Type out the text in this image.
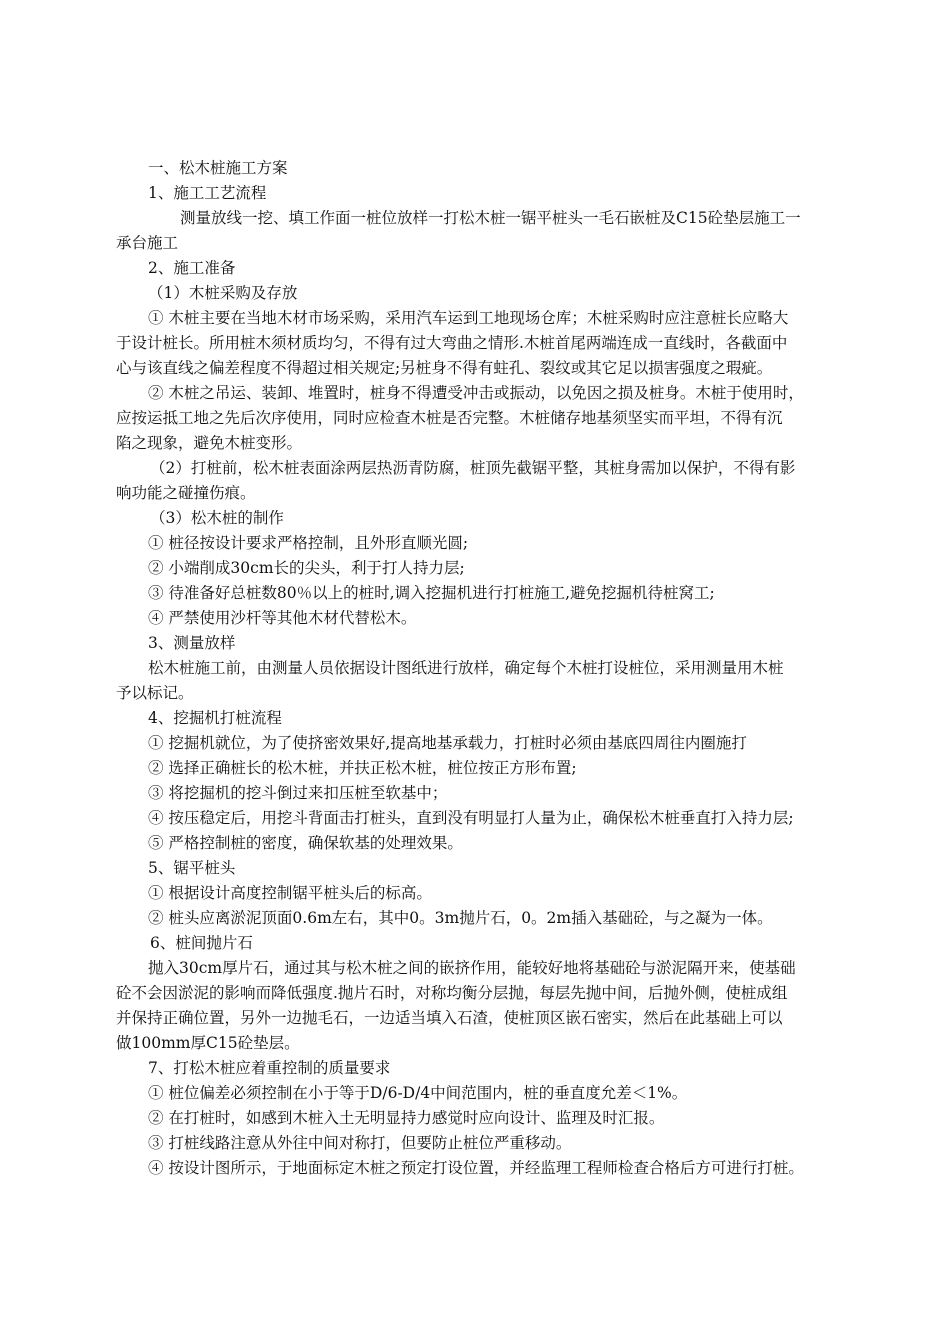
一、松木桩施工方案
1、施工工艺流程
测量放线一挖、填工作面一桩位放样一打松木桩一锯平桩头一毛石嵌桩及C15砼垫层施工一
承台施工
2、施工准备
（1）木桩采购及存放
① 木桩主要在当地木材市场采购，采用汽车运到工地现场仓库；木桩采购时应注意桩长应略大
于设计桩长。所用桩木须材质均匀，不得有过大弯曲之情形.木桩首尾两端连成一直线时，各截面中
心与该直线之偏差程度不得超过相关规定;另桩身不得有蛀孔、裂纹或其它足以损害强度之瑕疵。
② 木桩之吊运、装卸、堆置时，桩身不得遭受冲击或振动，以免因之损及桩身。木桩于使用时，
应按运抵工地之先后次序使用，同时应检查木桩是否完整。木桩储存地基须坚实而平坦，不得有沉
陷之现象，避免木桩变形。
（2）打桩前，松木桩表面涂两层热沥青防腐，桩顶先截锯平整，其桩身需加以保护，不得有影
响功能之碰撞伤痕。
（3）松木桩的制作
① 桩径按设计要求严格控制，且外形直顺光圆;
② 小端削成30cm长的尖头，利于打人持力层;
③ 待准备好总桩数80％以上的桩时,调入挖掘机进行打桩施工,避免挖掘机待桩窝工;
④ 严禁使用沙杆等其他木材代替松木。
3、测量放样
松木桩施工前，由测量人员依据设计图纸进行放样，确定每个木桩打设桩位，采用测量用木桩
予以标记。
4、挖掘机打桩流程
① 挖掘机就位，为了使挤密效果好,提高地基承载力，打桩时必须由基底四周往内圈施打
② 选择正确桩长的松木桩，并扶正松木桩，桩位按正方形布置;
③ 将挖掘机的挖斗倒过来扣压桩至软基中；
④ 按压稳定后，用挖斗背面击打桩头，直到没有明显打人量为止，确保松木桩垂直打入持力层;
⑤ 严格控制桩的密度，确保软基的处理效果。
5、锯平桩头
① 根据设计高度控制锯平桩头后的标高。
② 桩头应离淤泥顶面0.6m左右，其中0。3m抛片石，0。2m插入基础砼，与之凝为一体。
6、桩间抛片石
抛入30cm厚片石，通过其与松木桩之间的嵌挤作用，能较好地将基础砼与淤泥隔开来，使基础
砼不会因淤泥的影响而降低强度.抛片石时，对称均衡分层抛，每层先抛中间，后抛外侧，使桩成组
并保持正确位置，另外一边抛毛石，一边适当填入石渣，使桩顶区嵌石密实，然后在此基础上可以
做100mm厚C15砼垫层。
7、打松木桩应着重控制的质量要求
① 桩位偏差必须控制在小于等于D/6-D/4中间范围内，桩的垂直度允差＜1%。
② 在打桩时，如感到木桩入土无明显持力感觉时应向设计、监理及时汇报。
③ 打桩线路注意从外往中间对称打，但要防止桩位严重移动。
④ 按设计图所示，于地面标定木桩之预定打设位置，并经监理工程师检查合格后方可进行打桩。
